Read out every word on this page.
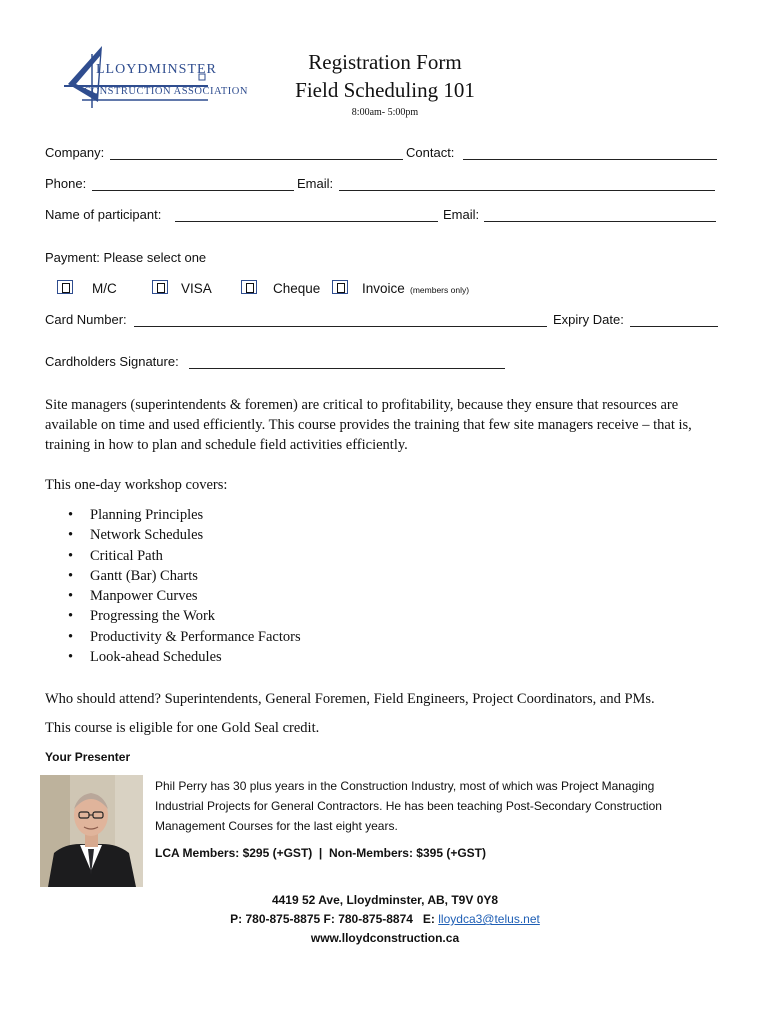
LLOYDMINSTER
CONSTRUCTION ASSOCIATION
Registration Form
Field Scheduling 101
8:00am- 5:00pm
Company:	Contact:
Phone:	Email:
Name of participant:	Email:
Payment: Please select one
M/C	VISA	Cheque	Invoice (members only)
Card Number:	Expiry Date:
Cardholders Signature:
Site managers (superintendents & foremen) are critical to profitability, because they ensure that resources are available on time and used efficiently. This course provides the training that few site managers receive – that is, training in how to plan and schedule field activities efficiently.
This one-day workshop covers:
• Planning Principles
• Network Schedules
• Critical Path
• Gantt (Bar) Charts
• Manpower Curves
• Progressing the Work
• Productivity & Performance Factors
• Look-ahead Schedules
Who should attend? Superintendents, General Foremen, Field Engineers, Project Coordinators, and PMs.
This course is eligible for one Gold Seal credit.
Your Presenter
Phil Perry has 30 plus years in the Construction Industry, most of which was Project Managing Industrial Projects for General Contractors. He has been teaching Post-Secondary Construction Management Courses for the last eight years.
LCA Members: $295 (+GST)  |  Non-Members: $395 (+GST)
4419 52 Ave, Lloydminster, AB, T9V 0Y8
P: 780-875-8875 F: 780-875-8874   E: lloydca3@telus.net
www.lloydconstruction.ca
